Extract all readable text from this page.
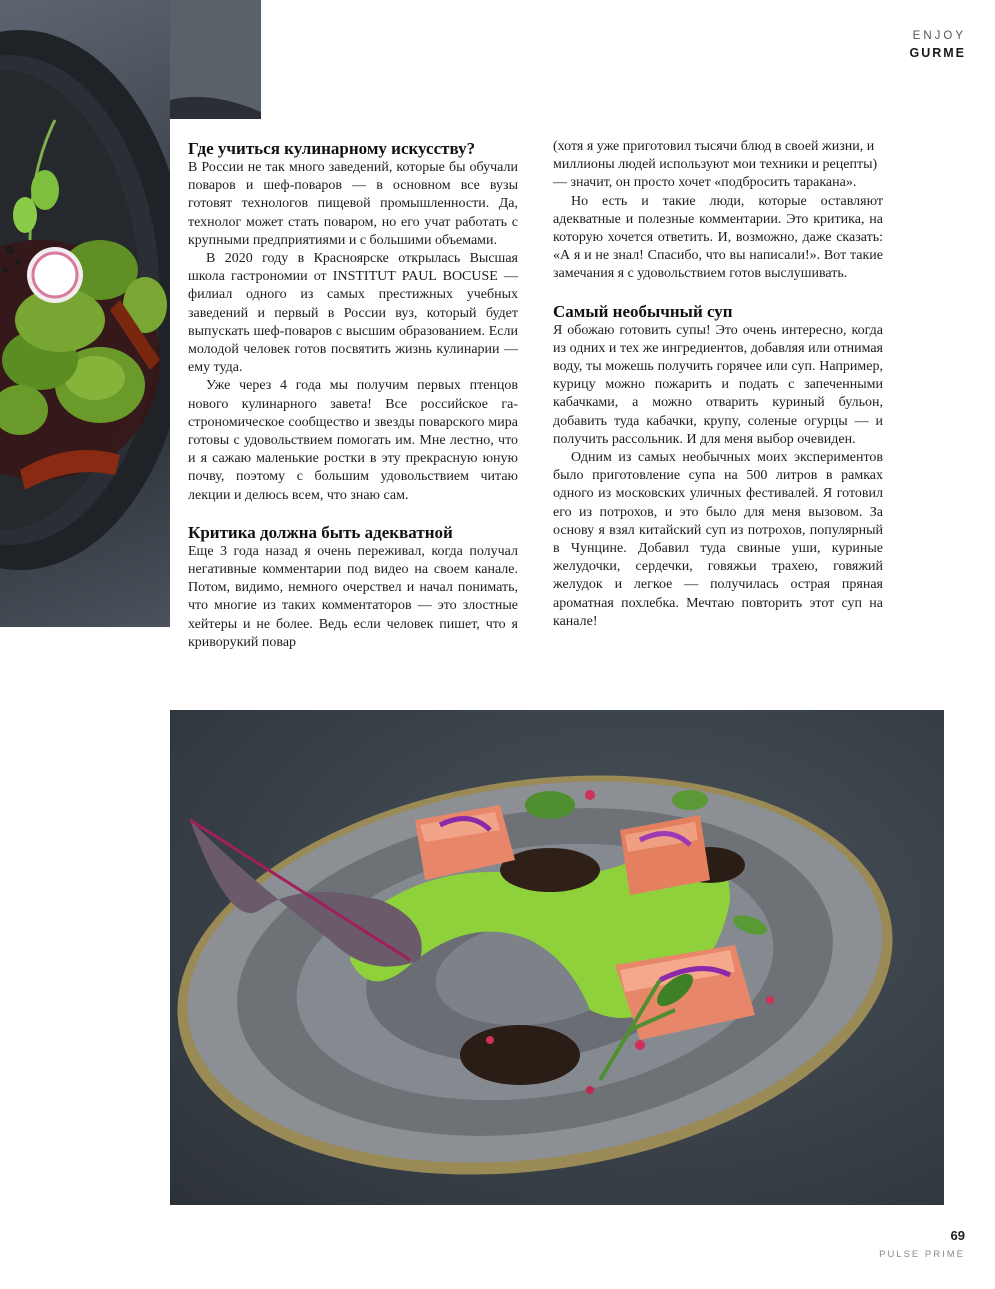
ENJOY
GURME
Где учиться кулинарному искусству?

В России не так много заведений, которые бы обучали поваров и шеф-поваров — в основном все вузы готовят технологов пищевой промышленности. Да, технолог может стать поваром, но его учат работать с крупными предприятиями и с большими объемами.

В 2020 году в Красноярске открылась Высшая школа гастрономии от INSTITUT PAUL BOCUSE — филиал одного из самых престижных учебных заведений и первый в России вуз, который будет выпускать шеф-поваров с высшим образованием. Если молодой человек готов посвятить жизнь кулинарии — ему туда.

Уже через 4 года мы получим первых птенцов нового кулинарного завета! Все российское гастрономическое сообщество и звезды поварского мира готовы с удовольствием помогать им. Мне лестно, что и я сажаю маленькие ростки в эту прекрасную юную почву, поэтому с большим удовольствием читаю лекции и делюсь всем, что знаю сам.

Критика должна быть адекватной

Еще 3 года назад я очень переживал, когда получал негативные комментарии под видео на своем канале. Потом, видимо, немного очерствел и начал понимать, что многие из таких комментаторов — это злостные хейтеры и не более. Ведь если человек пишет, что я криворукий повар

(хотя я уже приготовил тысячи блюд в своей жизни, и миллионы людей используют мои техники и рецепты) — значит, он просто хочет «подбросить таракана».

Но есть и такие люди, которые оставляют адекватные и полезные комментарии. Это критика, на которую хочется ответить. И, возможно, даже сказать: «А я и не знал! Спасибо, что вы написали!». Вот такие замечания я с удовольствием готов выслушивать.

Самый необычный суп

Я обожаю готовить супы! Это очень интересно, когда из одних и тех же ингредиентов, добавляя или отнимая воду, ты можешь получить горячее или суп. Например, курицу можно пожарить и подать с запеченными кабачками, а можно отварить куриный бульон, добавить туда кабачки, крупу, соленые огурцы — и получить рассольник. И для меня выбор очевиден.

Одним из самых необычных моих экспериментов было приготовление супа на 500 литров в рамках одного из московских уличных фестивалей. Я готовил его из потрохов, и это было для меня вызовом. За основу я взял китайский суп из потрохов, популярный в Чунцине. Добавил туда свиные уши, куриные желудочки, сердечки, говяжьи трахею, говяжий желудок и легкое — получилась острая пряная ароматная похлебка. Мечтаю повторить этот суп на канале!

69
PULSE PRIME
